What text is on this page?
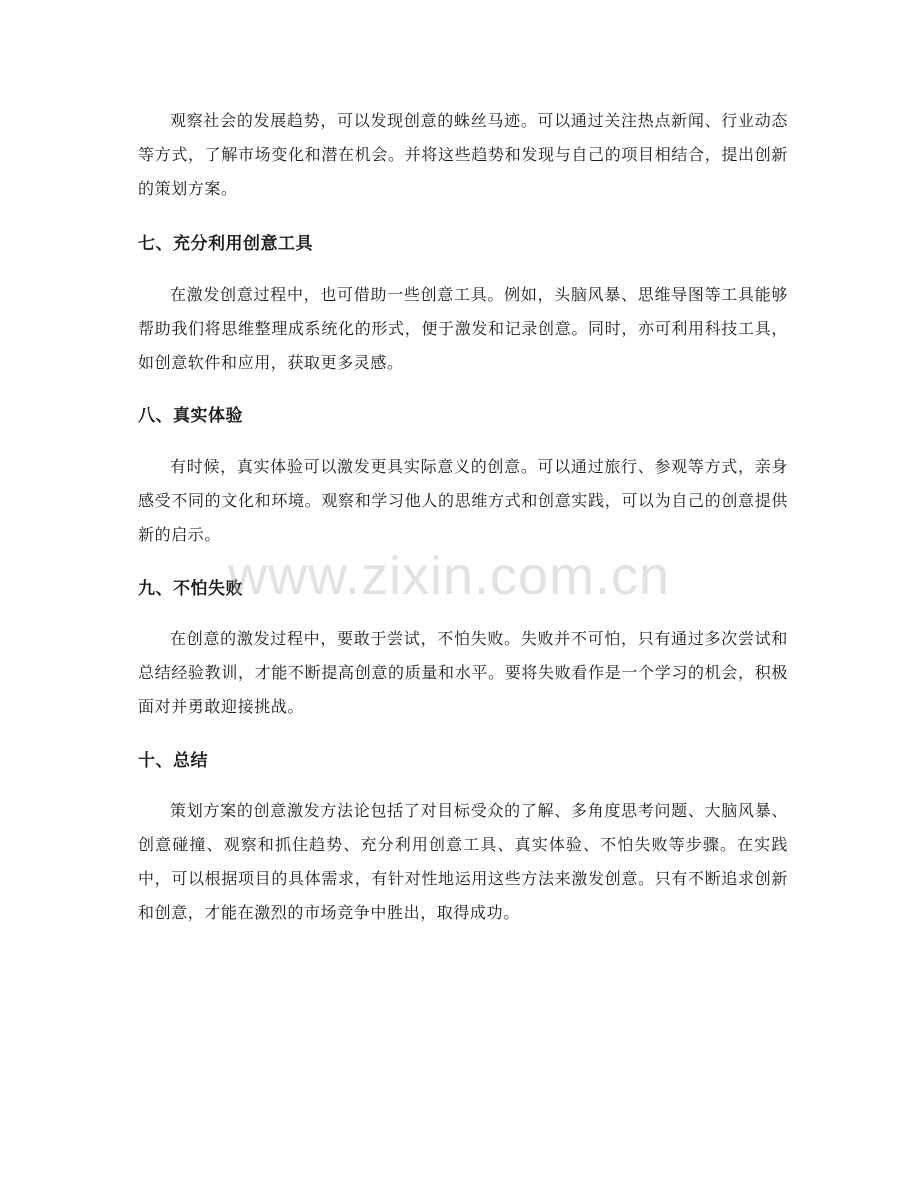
观察社会的发展趋势，可以发现创意的蛛丝马迹。可以通过关注热点新闻、行业动态等方式，了解市场变化和潜在机会。并将这些趋势和发现与自己的项目相结合，提出创新的策划方案。

七、充分利用创意工具

在激发创意过程中，也可借助一些创意工具。例如，头脑风暴、思维导图等工具能够帮助我们将思维整理成系统化的形式，便于激发和记录创意。同时，亦可利用科技工具，如创意软件和应用，获取更多灵感。

八、真实体验

有时候，真实体验可以激发更具实际意义的创意。可以通过旅行、参观等方式，亲身感受不同的文化和环境。观察和学习他人的思维方式和创意实践，可以为自己的创意提供新的启示。

九、不怕失败

在创意的激发过程中，要敢于尝试，不怕失败。失败并不可怕，只有通过多次尝试和总结经验教训，才能不断提高创意的质量和水平。要将失败看作是一个学习的机会，积极面对并勇敢迎接挑战。

十、总结

策划方案的创意激发方法论包括了对目标受众的了解、多角度思考问题、大脑风暴、创意碰撞、观察和抓住趋势、充分利用创意工具、真实体验、不怕失败等步骤。在实践中，可以根据项目的具体需求，有针对性地运用这些方法来激发创意。只有不断追求创新和创意，才能在激烈的市场竞争中胜出，取得成功。

www.zixin.com.cn
